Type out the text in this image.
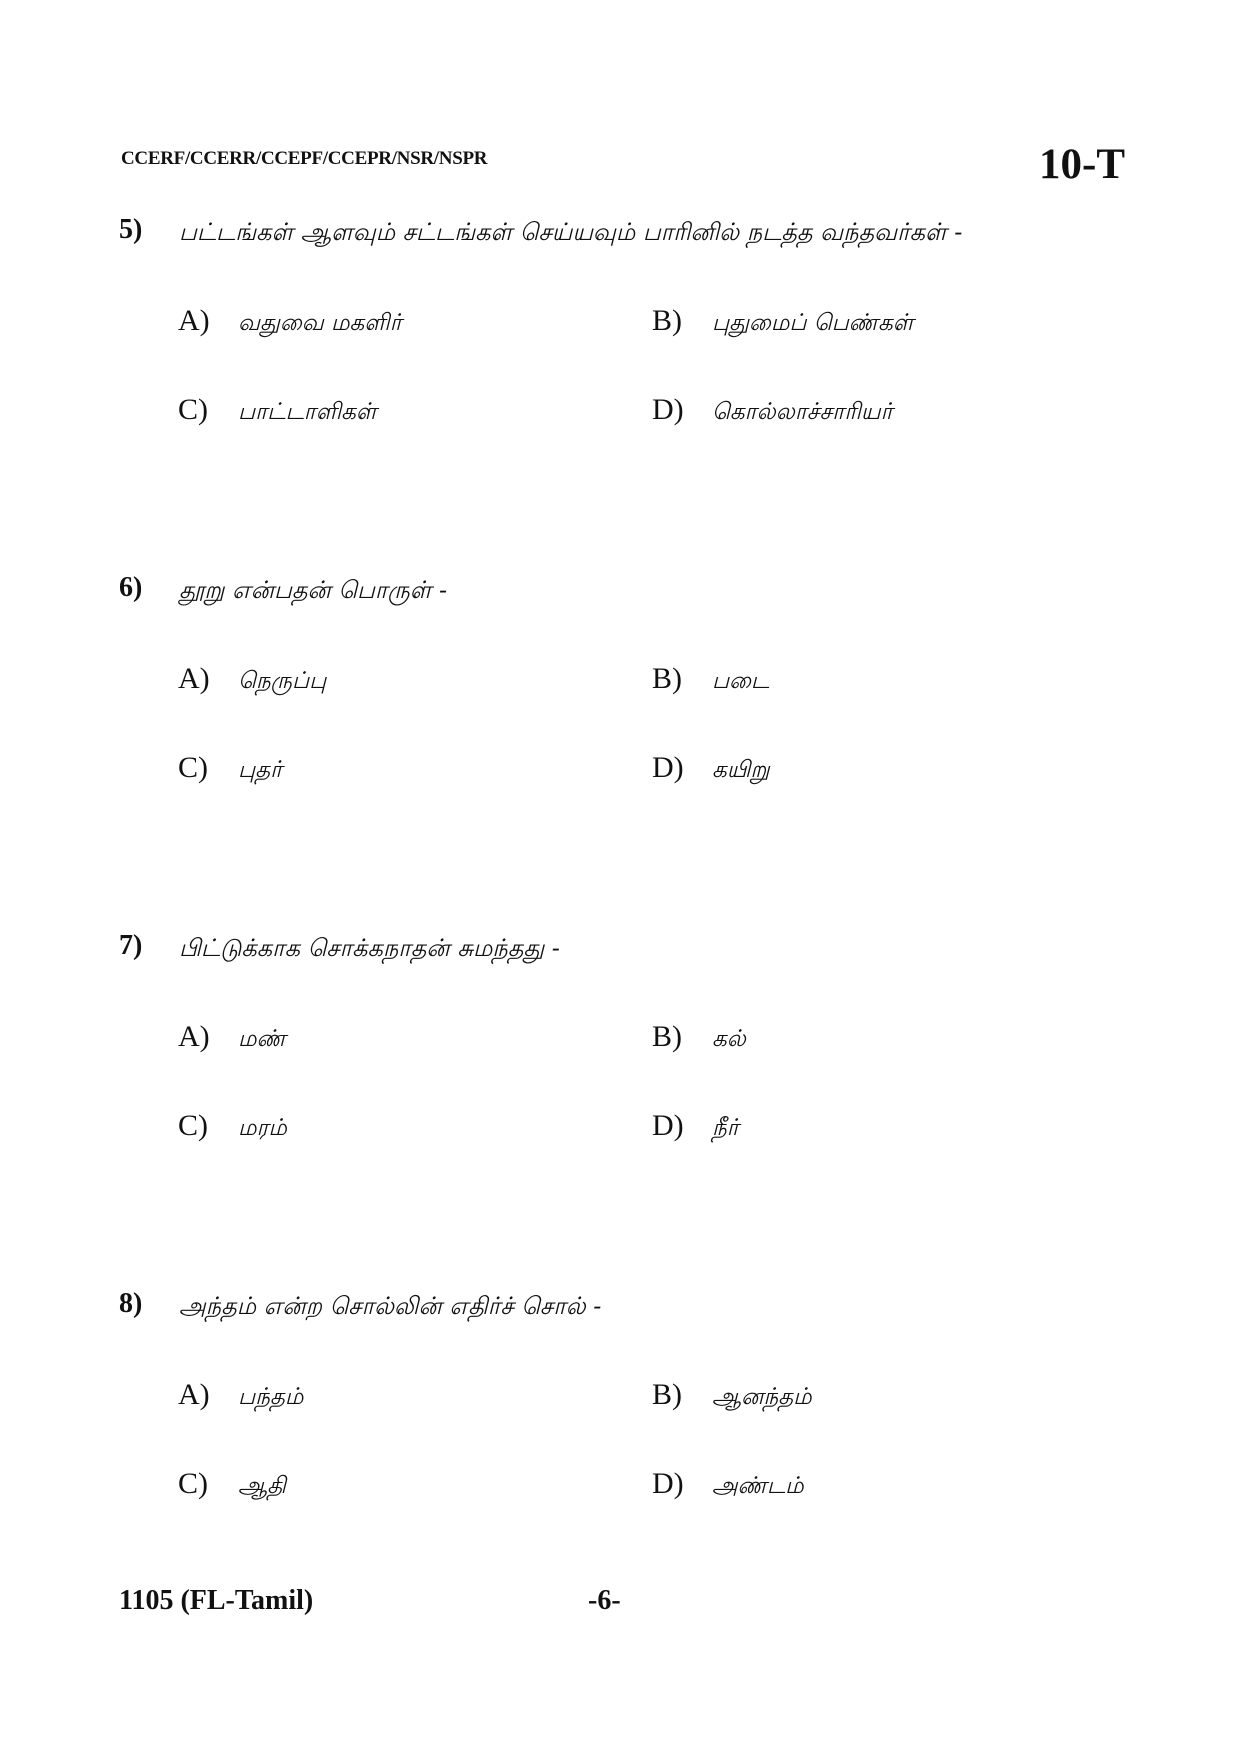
CCERF/CCERR/CCEPF/CCEPR/NSR/NSPR	10-T
5) பட்டங்கள் ஆளவும் சட்டங்கள் செய்யவும் பாரினில் நடத்த வந்தவர்கள் -
A) வதுவை மகளிர்	B) புதுமைப் பெண்கள்
C) பாட்டாளிகள்	D) கொல்லாச்சாரியர்
6) தூறு என்பதன் பொருள் -
A) நெருப்பு	B) படை
C) புதர்	D) கயிறு
7) பிட்டுக்காக சொக்கநாதன் சுமந்தது -
A) மண்	B) கல்
C) மரம்	D) நீர்
8) அந்தம் என்ற சொல்லின் எதிர்ச் சொல் -
A) பந்தம்	B) ஆனந்தம்
C) ஆதி	D) அண்டம்
1105 (FL-Tamil)	-6-
